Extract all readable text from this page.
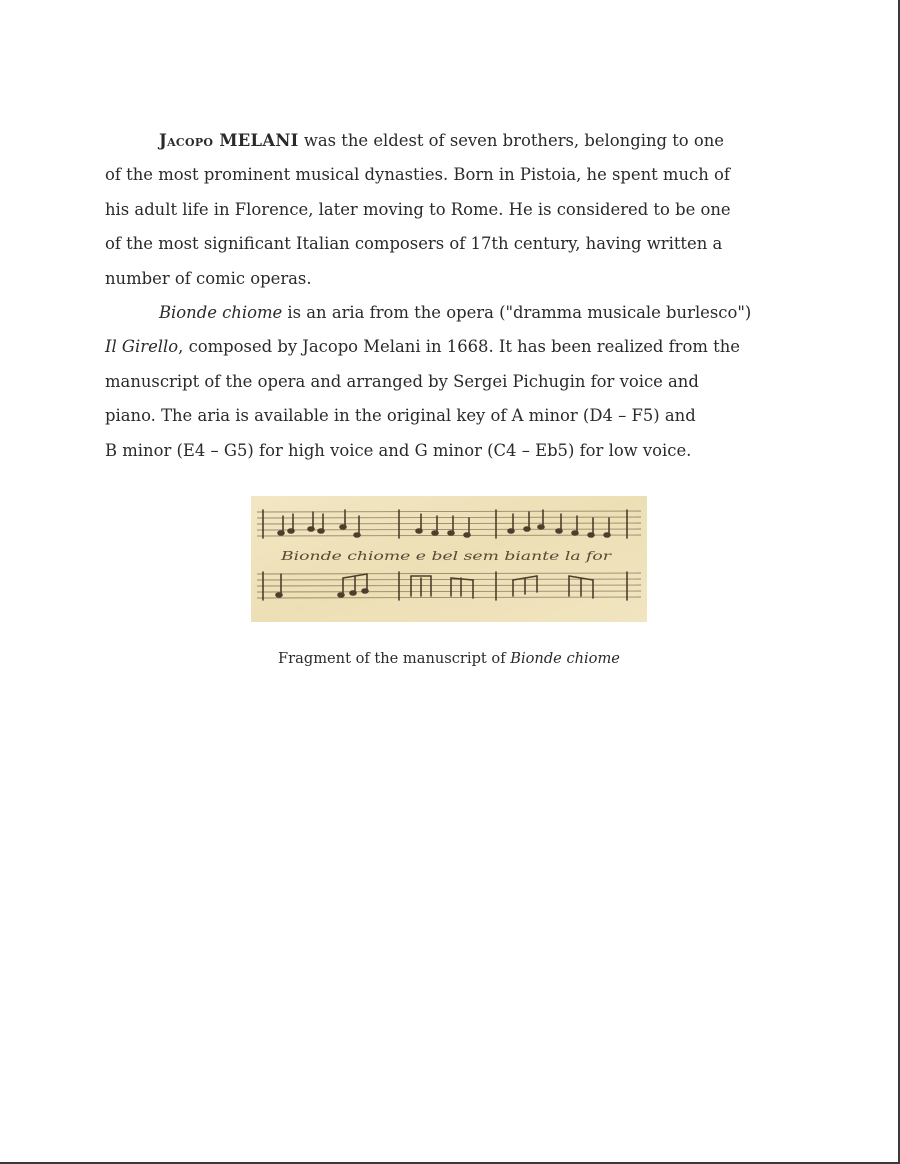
Jacopo MELANI was the eldest of seven brothers, belonging to one
of the most prominent musical dynasties. Born in Pistoia, he spent much of
his adult life in Florence, later moving to Rome. He is considered to be one
of the most significant Italian composers of 17th century, having written a
number of comic operas.

Bionde chiome is an aria from the opera ("dramma musicale burlesco")
Il Girello, composed by Jacopo Melani in 1668. It has been realized from the
manuscript of the opera and arranged by Sergei Pichugin for voice and
piano. The aria is available in the original key of A minor (D4 – F5) and
B minor (E4 – G5) for high voice and G minor (C4 – Eb5) for low voice.

Bionde chiome e bel sem biante la for
Fragment of the manuscript of Bionde chiome
